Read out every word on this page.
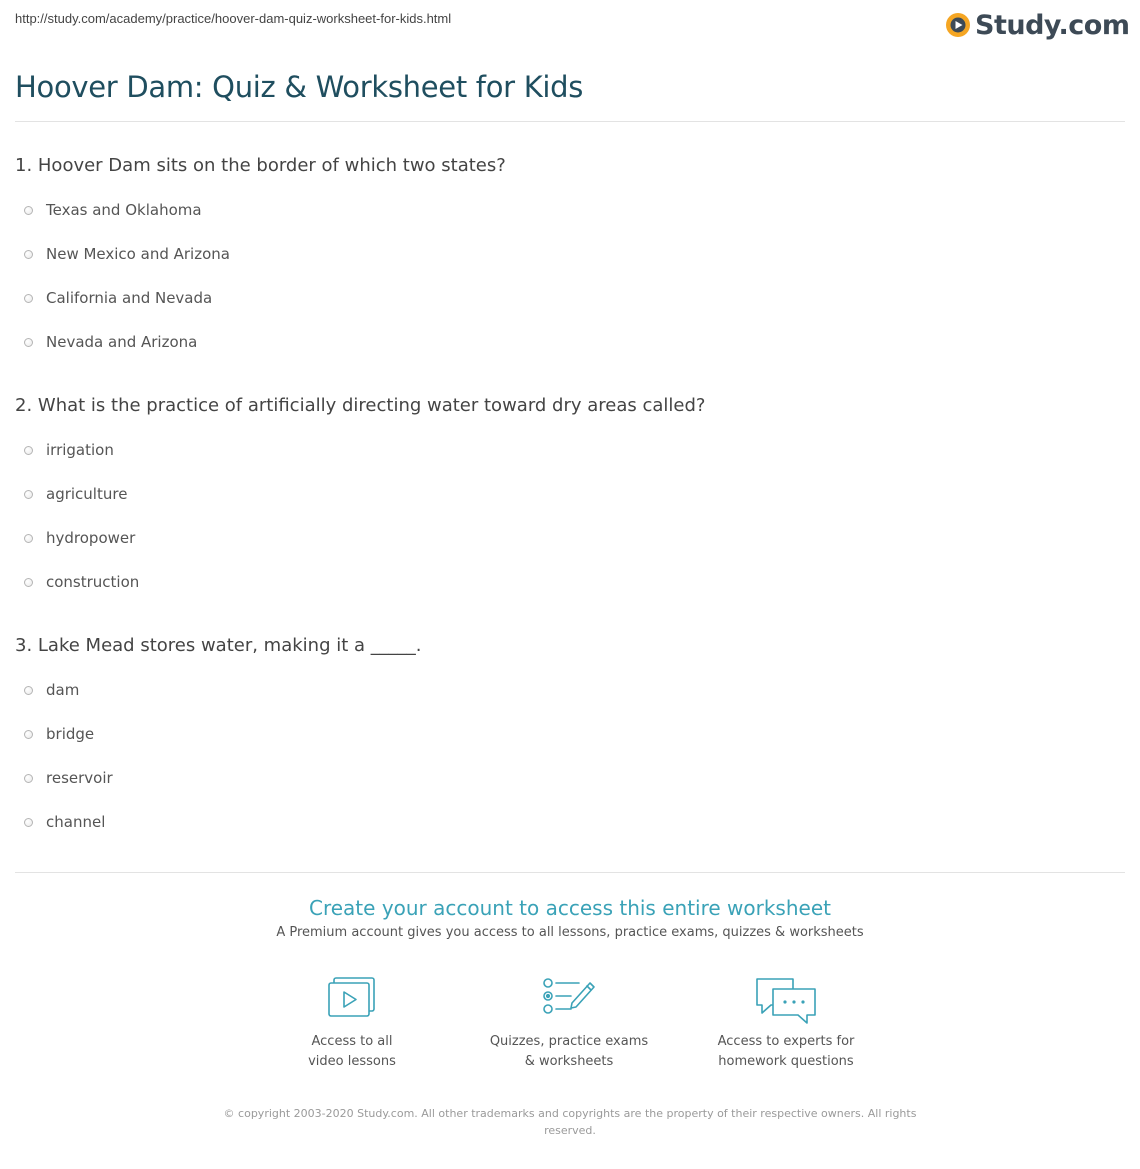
http://study.com/academy/practice/hoover-dam-quiz-worksheet-for-kids.html	Study.com
Hoover Dam: Quiz & Worksheet for Kids
1. Hoover Dam sits on the border of which two states?
Texas and Oklahoma
New Mexico and Arizona
California and Nevada
Nevada and Arizona
2. What is the practice of artificially directing water toward dry areas called?
irrigation
agriculture
hydropower
construction
3. Lake Mead stores water, making it a _____.
dam
bridge
reservoir
channel
Create your account to access this entire worksheet
A Premium account gives you access to all lessons, practice exams, quizzes & worksheets
Access to all
video lessons
Quizzes, practice exams
& worksheets
Access to experts for
homework questions
© copyright 2003-2020 Study.com. All other trademarks and copyrights are the property of their respective owners. All rights reserved.
